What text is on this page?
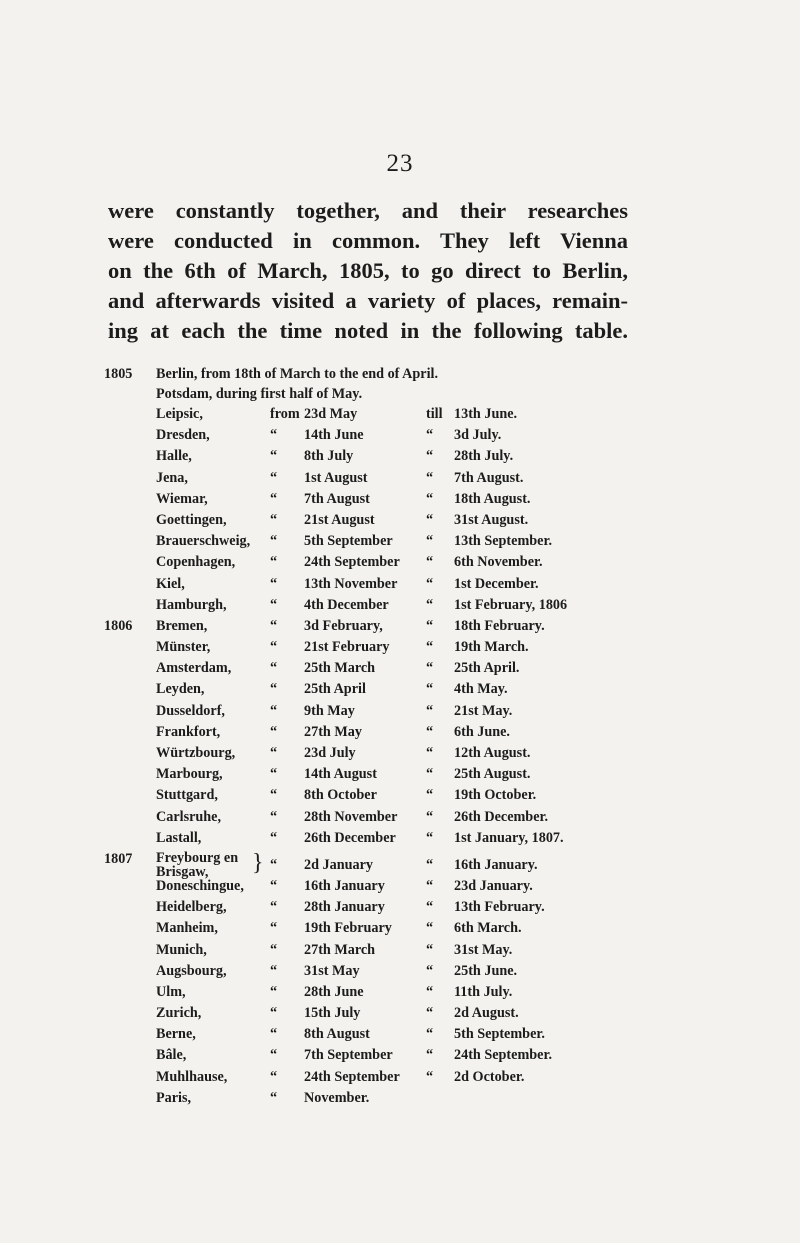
23
were constantly together, and their researches
were conducted in common. They left Vienna
on the 6th of March, 1805, to go direct to Berlin,
and afterwards visited a variety of places, remain-
ing at each the time noted in the following table.
1805 Berlin, from 18th of March to the end of April.
Potsdam, during first half of May.
Leipsic,	from 23d May	till 13th June.
Dresden,	“ 14th June	“ 3d July.
Halle,	“ 8th July	“ 28th July.
Jena,	“ 1st August	“ 7th August.
Wiemar,	“ 7th August	“ 18th August.
Goettingen,	“ 21st August	“ 31st August.
Brauerschweig, “ 5th September “ 13th September.
Copenhagen, “ 24th September “ 6th November.
Kiel,	“ 13th November “ 1st December.
Hamburgh,	“ 4th December	“ 1st February, 1806
1806 Bremen,	“ 3d February,	“ 18th February.
Münster,	“ 21st February	“ 19th March.
Amsterdam,	“ 25th March	“ 25th April.
Leyden,	“ 25th April	“ 4th May.
Dusseldorf,	“ 9th May	“ 21st May.
Frankfort,	“ 27th May	“ 6th June.
Würtzbourg, “ 23d July	“ 12th August.
Marbourg,	“ 14th August	“ 25th August.
Stuttgard,	“ 8th October	“ 19th October.
Carlsruhe,	“ 28th November “ 26th December.
Lastall,	“ 26th December “ 1st January, 1807.
1807 Freybourg en
Brisgaw,	} “ 2d January	“ 16th January.
Doneschingue, “ 16th January	“ 23d January.
Heidelberg,	“ 28th January	“ 13th February.
Manheim,	“ 19th February “ 6th March.
Munich,	“ 27th March	“ 31st May.
Augsbourg,	“ 31st May	“ 25th June.
Ulm,	“ 28th June	“ 11th July.
Zurich,	“ 15th July	“ 2d August.
Berne,	“ 8th August	“ 5th September.
Bâle,	“ 7th September “ 24th September.
Muhlhause,	“ 24th September “ 2d October.
Paris,	“ November.
